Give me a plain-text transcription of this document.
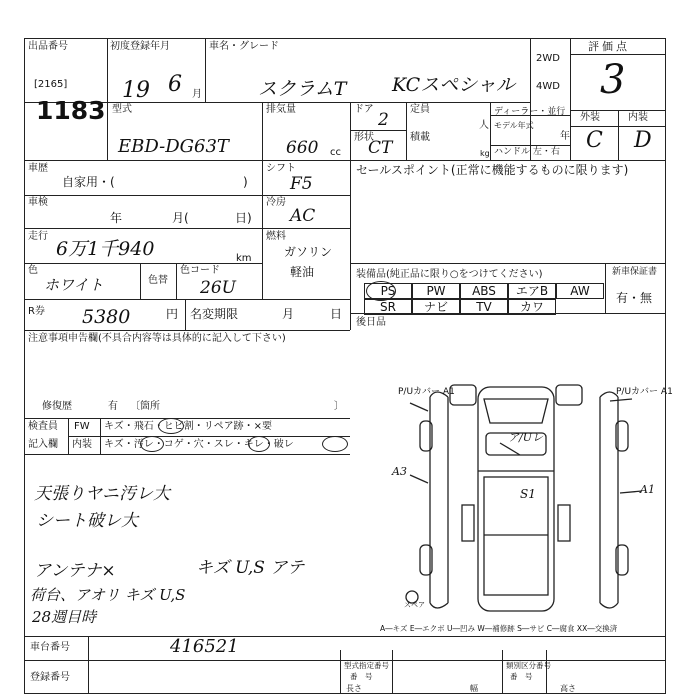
出品番号
[2165]
1183
初度登録年月
19 6 月
車名・グレード
スクラムT KCスペシャル
2WD
4WD
評価点
3
型式
EBD-DG63T
排気量
660 cc
ドア
2
形状
CT
定員
人
積載
kg
ディーラー・並行
モデル年式
年
ハンドル 左・右
外装	内装
C D
車歴
自家用・(	)
シフト
F5
車検
年	月(	日)
冷房
AC
走行
6万1千940	km
燃料
ガソリン
軽油
色
ホワイト	色替
色コード
26U
R券 5380	円 名変期限	月	日
セールスポイント(正常に機能するものに限ります)
装備品(純正品に限り○をつけてください)	新車保証書
有・無
PS	PW	ABS	エアB	AW
SR	ナビ	TV	カワ
後日品
注意事項申告欄(不具合内容等は具体的に記入して下さい)
修復歴	有 〔箇所	〕
検査員
記入欄
FW キズ・飛石・ヒビ割・リペア跡・×要
内装 キズ・汚レ・コゲ・穴・スレ・キレ・破レ
天張りヤニ汚レ大
シート破レ大
アンテナ×	キズ U,S アテ
荷台、アオリ キズ U,S
28週目時
P/Uカバー A1	P/Uカバー A1
ア/Uレ
A3
A1
S1
スペア
A―キズ E―エクボ U―凹み W―補修跡 S―サビ C―腐食 XX―交換済
車台番号	416521
登録番号
型式指定番号
番　号
類別区分番号
番　号
長さ	幅	高さ
